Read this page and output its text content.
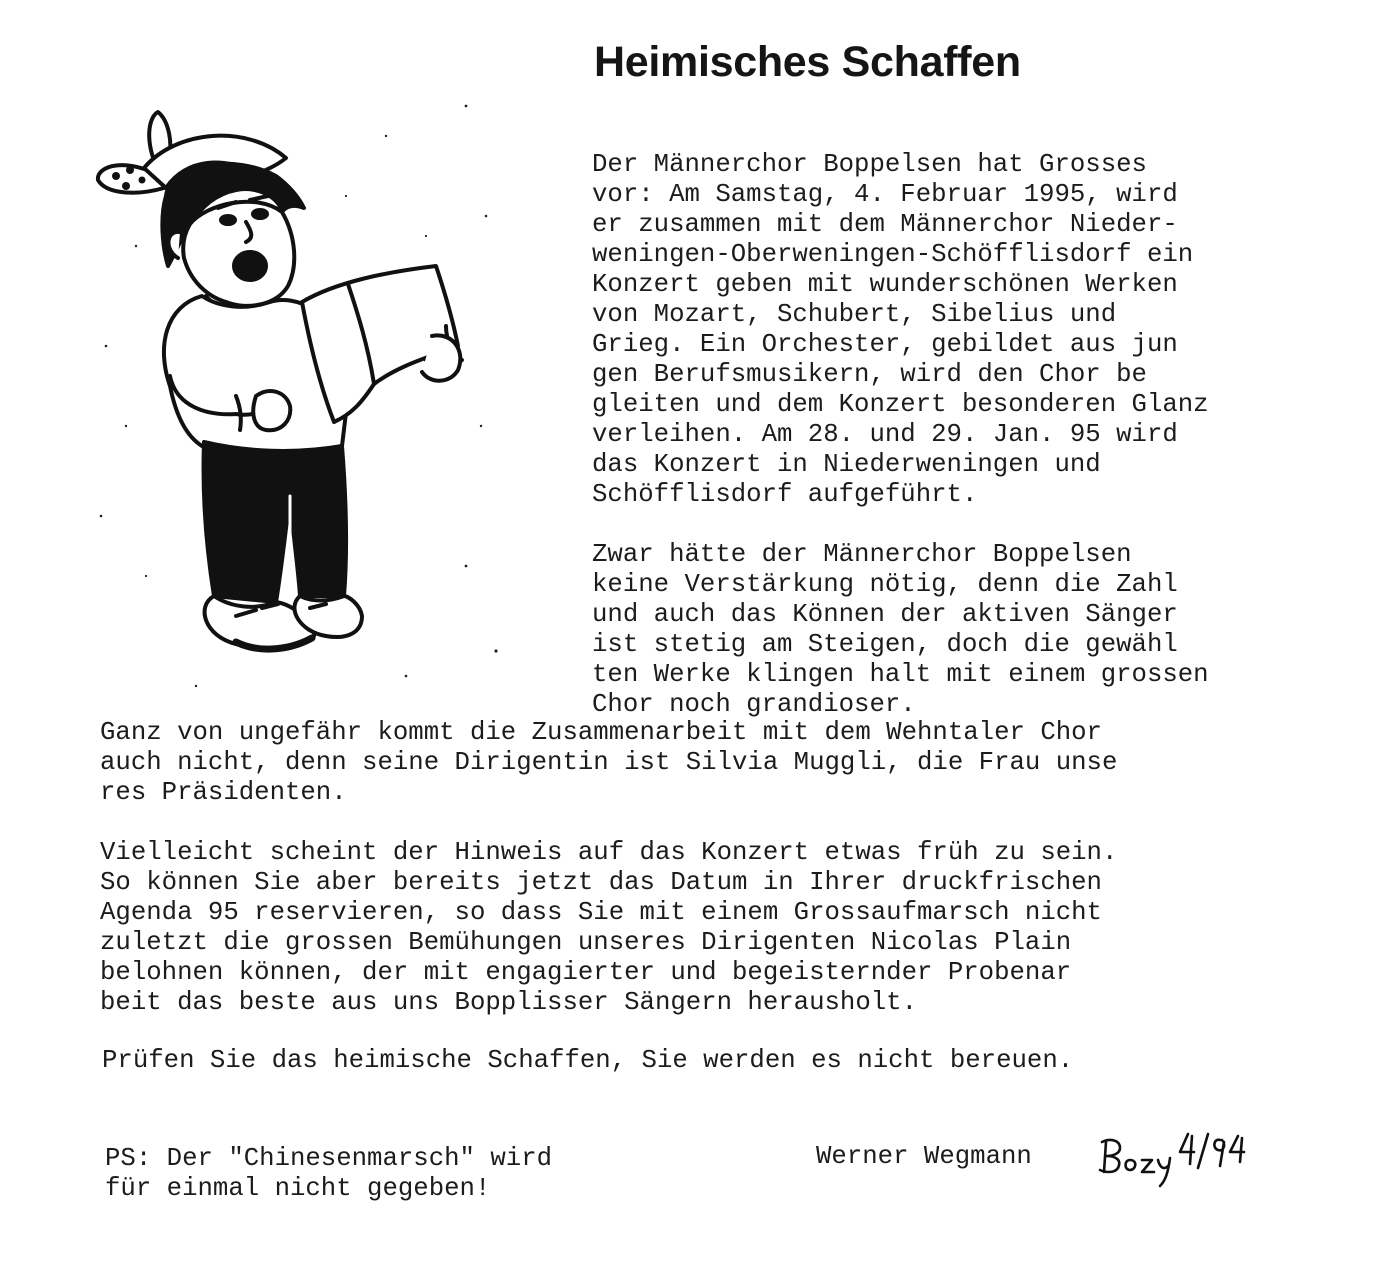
Heimisches Schaffen
Der Männerchor Boppelsen hat Grosses
vor: Am Samstag, 4. Februar 1995, wird
er zusammen mit dem Männerchor Nieder-
weningen-Oberweningen-Schöfflisdorf ein
Konzert geben mit wunderschönen Werken
von Mozart, Schubert, Sibelius und
Grieg. Ein Orchester, gebildet aus jun
gen Berufsmusikern, wird den Chor be
gleiten und dem Konzert besonderen Glanz
verleihen. Am 28. und 29. Jan. 95 wird
das Konzert in Niederweningen und
Schöfflisdorf aufgeführt.
Zwar hätte der Männerchor Boppelsen
keine Verstärkung nötig, denn die Zahl
und auch das Können der aktiven Sänger
ist stetig am Steigen, doch die gewähl
ten Werke klingen halt mit einem grossen
Chor noch grandioser.
Ganz von ungefähr kommt die Zusammenarbeit mit dem Wehntaler Chor
auch nicht, denn seine Dirigentin ist Silvia Muggli, die Frau unse
res Präsidenten.
Vielleicht scheint der Hinweis auf das Konzert etwas früh zu sein.
So können Sie aber bereits jetzt das Datum in Ihrer druckfrischen
Agenda 95 reservieren, so dass Sie mit einem Grossaufmarsch nicht
zuletzt die grossen Bemühungen unseres Dirigenten Nicolas Plain
belohnen können, der mit engagierter und begeisternder Probenar
beit das beste aus uns Bopplisser Sängern herausholt.
Prüfen Sie das heimische Schaffen, Sie werden es nicht bereuen.
PS: Der "Chinesenmarsch" wird
für einmal nicht gegeben!
Werner Wegmann
